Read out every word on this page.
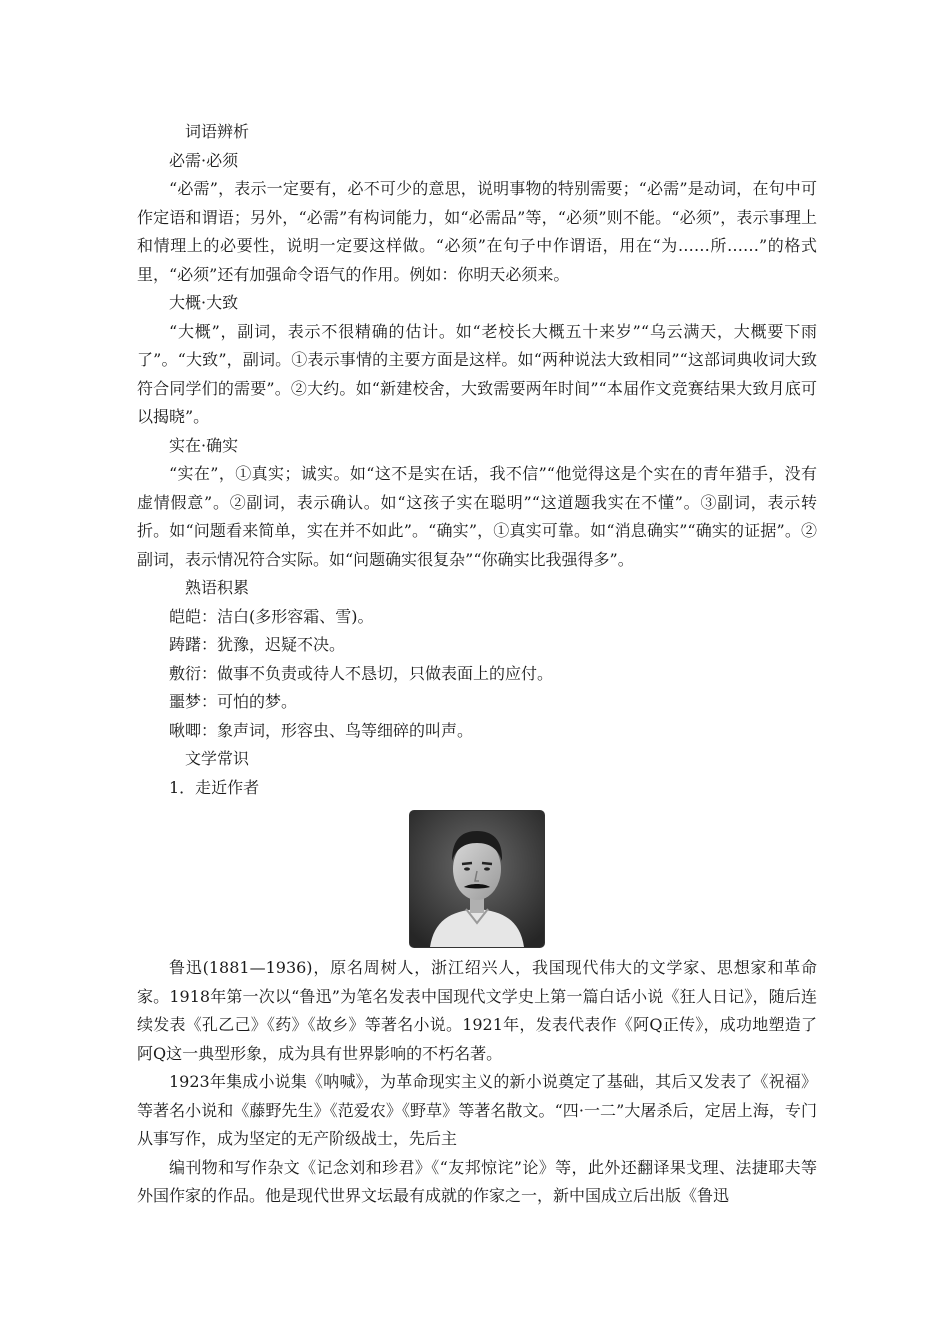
词语辨析

必需·必须

“必需”，表示一定要有，必不可少的意思，说明事物的特别需要；“必需”是动词，在句中可作定语和谓语；另外，“必需”有构词能力，如“必需品”等，“必须”则不能。“必须”，表示事理上和情理上的必要性，说明一定要这样做。“必须”在句子中作谓语，用在“为……所……”的格式里，“必须”还有加强命令语气的作用。例如：你明天必须来。

大概·大致

“大概”，副词，表示不很精确的估计。如“老校长大概五十来岁”“乌云满天，大概要下雨了”。“大致”，副词。①表示事情的主要方面是这样。如“两种说法大致相同”“这部词典收词大致符合同学们的需要”。②大约。如“新建校舍，大致需要两年时间”“本届作文竞赛结果大致月底可以揭晓”。

实在·确实

“实在”，①真实；诚实。如“这不是实在话，我不信”“他觉得这是个实在的青年猎手，没有虚情假意”。②副词，表示确认。如“这孩子实在聪明”“这道题我实在不懂”。③副词，表示转折。如“问题看来简单，实在并不如此”。“确实”，①真实可靠。如“消息确实”“确实的证据”。②副词，表示情况符合实际。如“问题确实很复杂”“你确实比我强得多”。

熟语积累

皑皑：洁白(多形容霜、雪)。

踌躇：犹豫，迟疑不决。

敷衍：做事不负责或待人不恳切，只做表面上的应付。

噩梦：可怕的梦。

啾唧：象声词，形容虫、鸟等细碎的叫声。

文学常识

1．走近作者

鲁迅(1881—1936)，原名周树人，浙江绍兴人，我国现代伟大的文学家、思想家和革命家。1918年第一次以“鲁迅”为笔名发表中国现代文学史上第一篇白话小说《狂人日记》，随后连续发表《孔乙己》《药》《故乡》等著名小说。1921年，发表代表作《阿Q正传》，成功地塑造了阿Q这一典型形象，成为具有世界影响的不朽名著。

1923年集成小说集《呐喊》，为革命现实主义的新小说奠定了基础，其后又发表了《祝福》等著名小说和《藤野先生》《范爱农》《野草》等著名散文。“四·一二”大屠杀后，定居上海，专门从事写作，成为坚定的无产阶级战士，先后主

编刊物和写作杂文《记念刘和珍君》《“友邦惊诧”论》等，此外还翻译果戈理、法捷耶夫等外国作家的作品。他是现代世界文坛最有成就的作家之一，新中国成立后出版《鲁迅
